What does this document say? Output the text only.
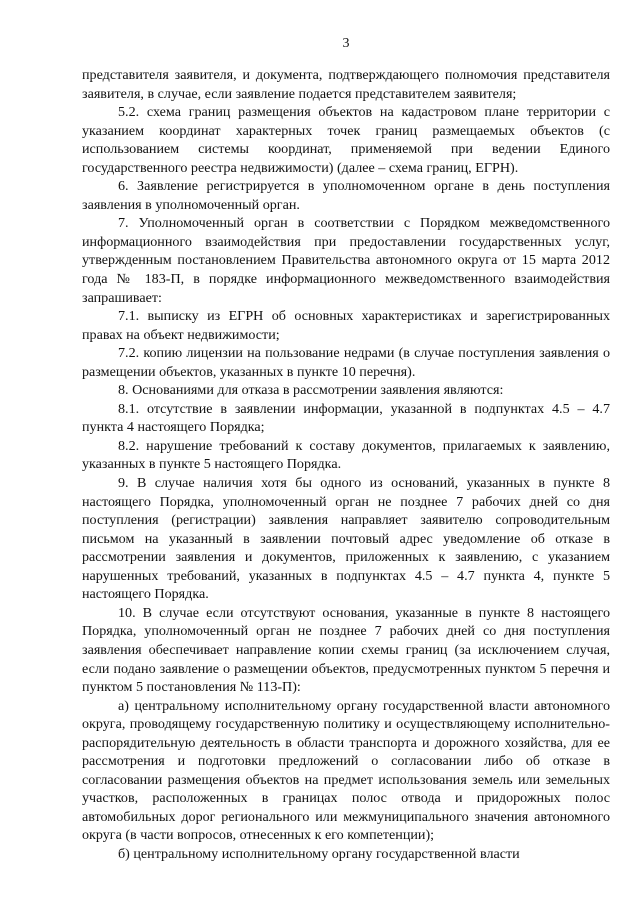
3

представителя заявителя, и документа, подтверждающего полномочия представителя заявителя, в случае, если заявление подается представителем заявителя;

5.2. схема границ размещения объектов на кадастровом плане территории с указанием координат характерных точек границ размещаемых объектов (с использованием системы координат, применяемой при ведении Единого государственного реестра недвижимости) (далее – схема границ, ЕГРН).

6. Заявление регистрируется в уполномоченном органе в день поступления заявления в уполномоченный орган.

7. Уполномоченный орган в соответствии с Порядком межведомственного информационного взаимодействия при предоставлении государственных услуг, утвержденным постановлением Правительства автономного округа от 15 марта 2012 года № 183-П, в порядке информационного межведомственного взаимодействия запрашивает:

7.1. выписку из ЕГРН об основных характеристиках и зарегистрированных правах на объект недвижимости;

7.2. копию лицензии на пользование недрами (в случае поступления заявления о размещении объектов, указанных в пункте 10 перечня).

8. Основаниями для отказа в рассмотрении заявления являются:

8.1. отсутствие в заявлении информации, указанной в подпунктах 4.5 – 4.7 пункта 4 настоящего Порядка;

8.2. нарушение требований к составу документов, прилагаемых к заявлению, указанных в пункте 5 настоящего Порядка.

9. В случае наличия хотя бы одного из оснований, указанных в пункте 8 настоящего Порядка, уполномоченный орган не позднее 7 рабочих дней со дня поступления (регистрации) заявления направляет заявителю сопроводительным письмом на указанный в заявлении почтовый адрес уведомление об отказе в рассмотрении заявления и документов, приложенных к заявлению, с указанием нарушенных требований, указанных в подпунктах 4.5 – 4.7 пункта 4, пункте 5 настоящего Порядка.

10. В случае если отсутствуют основания, указанные в пункте 8 настоящего Порядка, уполномоченный орган не позднее 7 рабочих дней со дня поступления заявления обеспечивает направление копии схемы границ (за исключением случая, если подано заявление о размещении объектов, предусмотренных пунктом 5 перечня и пунктом 5 постановления № 113-П):

а) центральному исполнительному органу государственной власти автономного округа, проводящему государственную политику и осуществляющему исполнительно-распорядительную деятельность в области транспорта и дорожного хозяйства, для ее рассмотрения и подготовки предложений о согласовании либо об отказе в согласовании размещения объектов на предмет использования земель или земельных участков, расположенных в границах полос отвода и придорожных полос автомобильных дорог регионального или межмуниципального значения автономного округа (в части вопросов, отнесенных к его компетенции);

б) центральному исполнительному органу государственной власти
